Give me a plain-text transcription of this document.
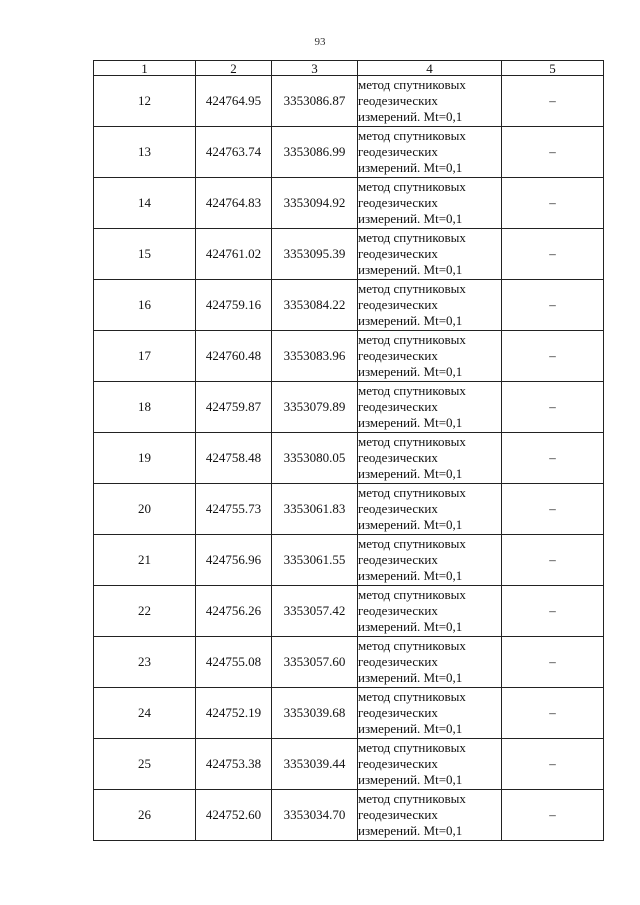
93
1	2	3	4	5
12	424764.95	3353086.87	метод спутниковых
геодезических
измерений. Mt=0,1	–
13	424763.74	3353086.99	метод спутниковых
геодезических
измерений. Mt=0,1	–
14	424764.83	3353094.92	метод спутниковых
геодезических
измерений. Mt=0,1	–
15	424761.02	3353095.39	метод спутниковых
геодезических
измерений. Mt=0,1	–
16	424759.16	3353084.22	метод спутниковых
геодезических
измерений. Mt=0,1	–
17	424760.48	3353083.96	метод спутниковых
геодезических
измерений. Mt=0,1	–
18	424759.87	3353079.89	метод спутниковых
геодезических
измерений. Mt=0,1	–
19	424758.48	3353080.05	метод спутниковых
геодезических
измерений. Mt=0,1	–
20	424755.73	3353061.83	метод спутниковых
геодезических
измерений. Mt=0,1	–
21	424756.96	3353061.55	метод спутниковых
геодезических
измерений. Mt=0,1	–
22	424756.26	3353057.42	метод спутниковых
геодезических
измерений. Mt=0,1	–
23	424755.08	3353057.60	метод спутниковых
геодезических
измерений. Mt=0,1	–
24	424752.19	3353039.68	метод спутниковых
геодезических
измерений. Mt=0,1	–
25	424753.38	3353039.44	метод спутниковых
геодезических
измерений. Mt=0,1	–
26	424752.60	3353034.70	метод спутниковых
геодезических
измерений. Mt=0,1	–
